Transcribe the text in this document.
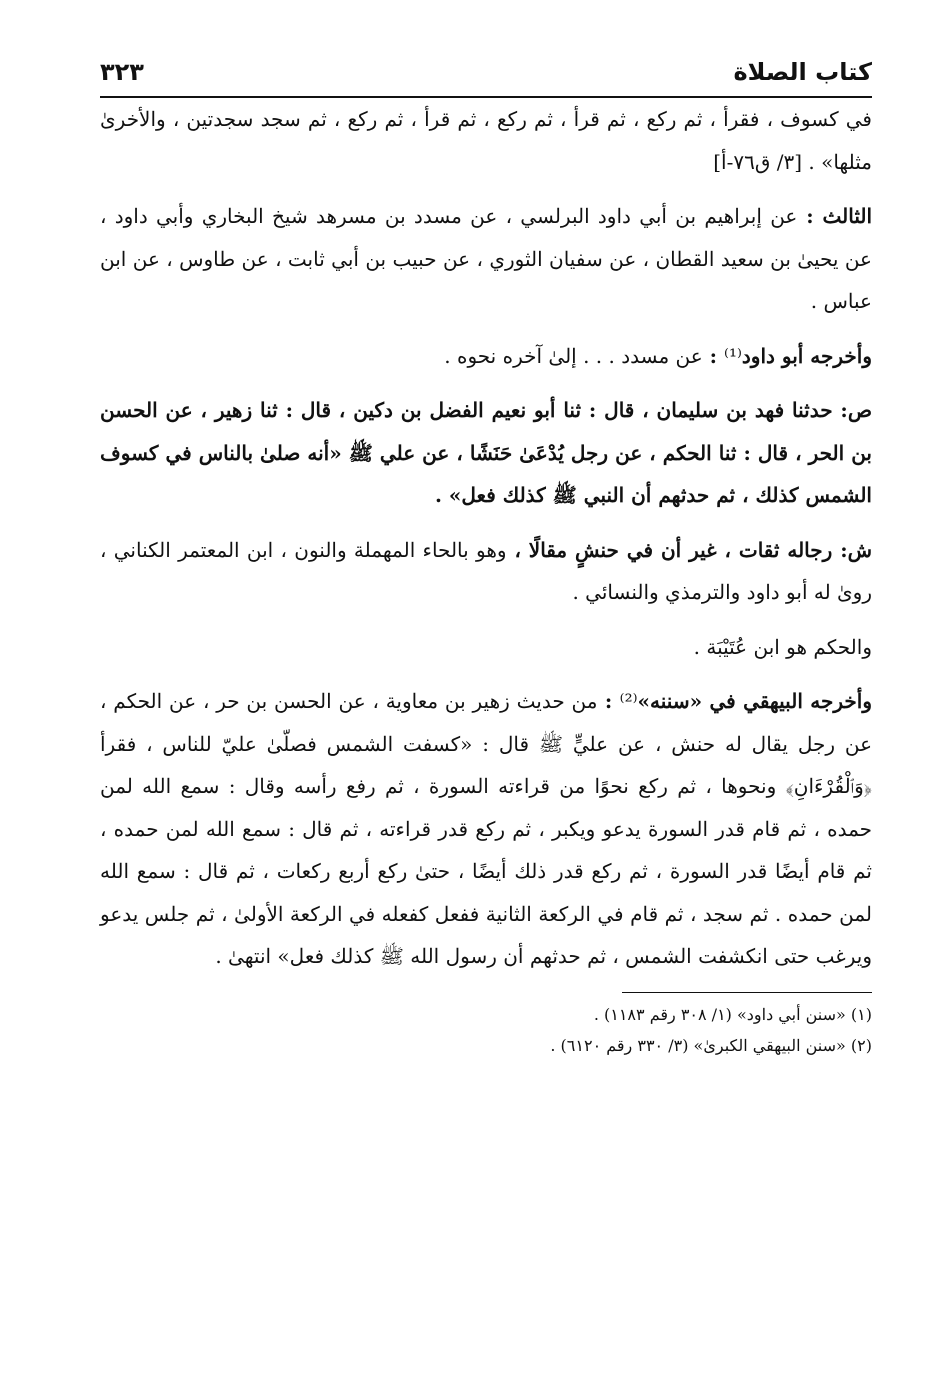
كتاب الصلاة
٣٢٣

في كسوف ، فقرأ ، ثم ركع ، ثم قرأ ، ثم ركع ، ثم قرأ ، ثم ركع ، ثم سجد سجدتين ، والأخرىٰ مثلها» . [٣/ ق٧٦-أ]

الثالث : عن إبراهيم بن أبي داود البرلسي ، عن مسدد بن مسرهد شيخ البخاري وأبي داود ، عن يحيىٰ بن سعيد القطان ، عن سفيان الثوري ، عن حبيب بن أبي ثابت ، عن طاوس ، عن ابن عباس .

وأخرجه أبو داود⁽¹⁾ : عن مسدد . . . إلىٰ آخره نحوه .

ص: حدثنا فهد بن سليمان ، قال : ثنا أبو نعيم الفضل بن دكين ، قال : ثنا زهير ، عن الحسن بن الحر ، قال : ثنا الحكم ، عن رجل يُدْعَىٰ حَنَشًا ، عن علي ﷺ «أنه صلىٰ بالناس في كسوف الشمس كذلك ، ثم حدثهم أن النبي ﷺ كذلك فعل» .

ش: رجاله ثقات ، غير أن في حنشٍ مقالًا ، وهو بالحاء المهملة والنون ، ابن المعتمر الكناني ، روىٰ له أبو داود والترمذي والنسائي .

والحكم هو ابن عُتَيْبَة .

وأخرجه البيهقي في «سننه»⁽²⁾ : من حديث زهير بن معاوية ، عن الحسن بن حر ، عن الحكم ، عن رجل يقال له حنش ، عن عليٍّ ﷺ قال : «كسفت الشمس فصلّىٰ عليّ للناس ، فقرأ ﴿وَٱلْقُرْءَانِ﴾ ونحوها ، ثم ركع نحوًا من قراءته السورة ، ثم رفع رأسه وقال : سمع الله لمن حمده ، ثم قام قدر السورة يدعو ويكبر ، ثم ركع قدر قراءته ، ثم قال : سمع الله لمن حمده ، ثم قام أيضًا قدر السورة ، ثم ركع قدر ذلك أيضًا ، حتىٰ ركع أربع ركعات ، ثم قال : سمع الله لمن حمده . ثم سجد ، ثم قام في الركعة الثانية ففعل كفعله في الركعة الأولىٰ ، ثم جلس يدعو ويرغب حتى انكشفت الشمس ، ثم حدثهم أن رسول الله ﷺ كذلك فعل» انتهىٰ .

(١) «سنن أبي داود» (١/ ٣٠٨ رقم ١١٨٣) .

(٢) «سنن البيهقي الكبرىٰ» (٣/ ٣٣٠ رقم ٦١٢٠) .
